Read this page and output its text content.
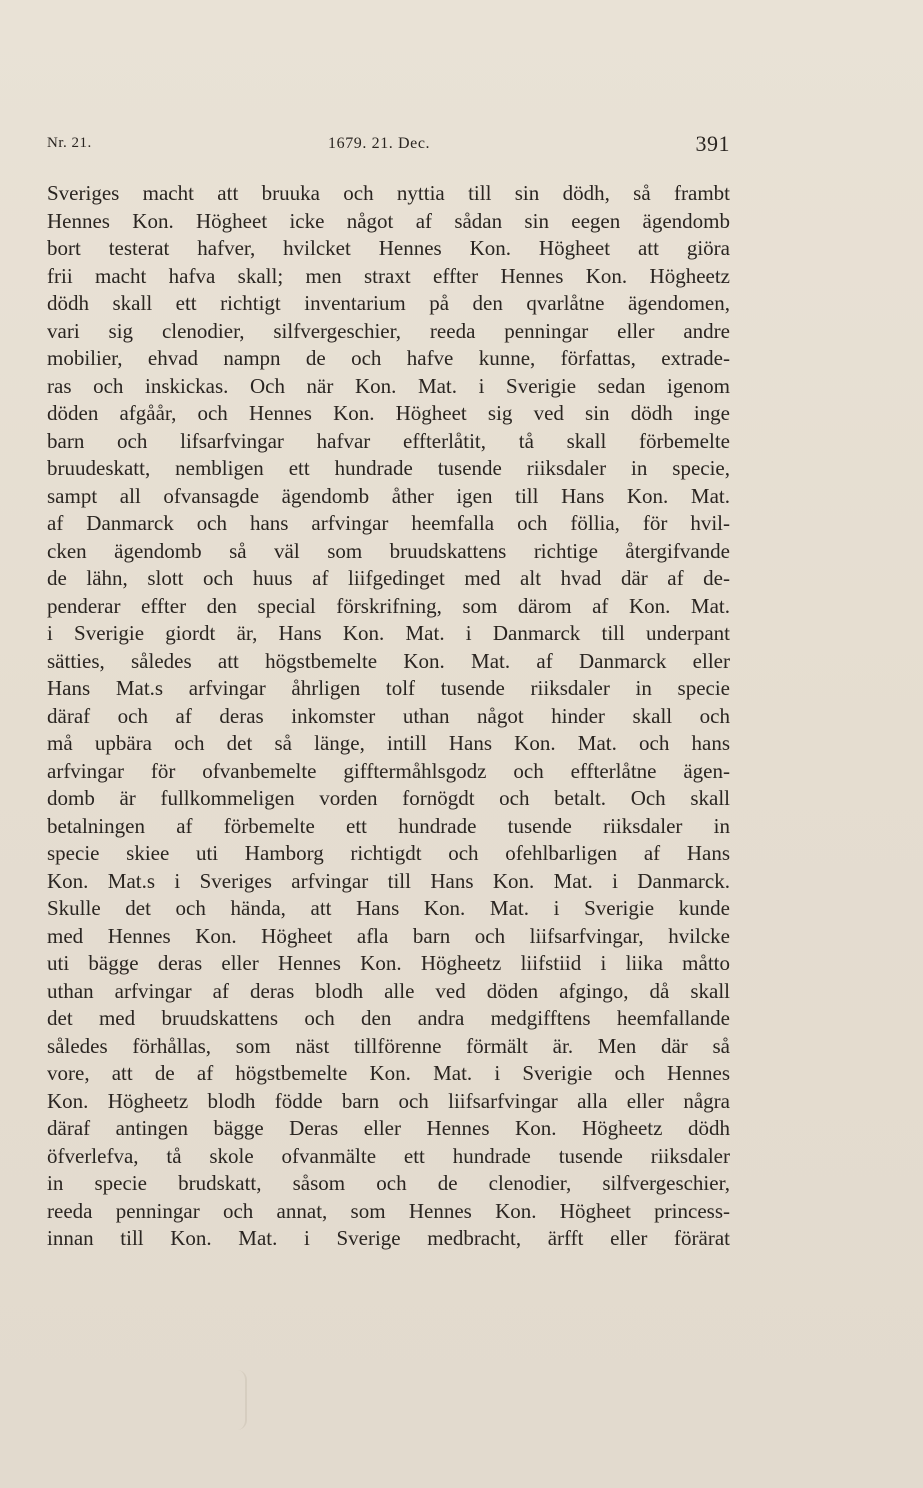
Nr. 21.	1679. 21. Dec.	391
Sveriges macht att bruuka och nyttia till sin dödh, så frambt
Hennes Kon. Högheet icke något af sådan sin eegen ägendomb
bort testerat hafver, hvilcket Hennes Kon. Högheet att giöra
frii macht hafva skall; men straxt effter Hennes Kon. Högheetz
dödh skall ett richtigt inventarium på den qvarlåtne ägendomen,
vari sig clenodier, silfvergeschier, reeda penningar eller andre
mobilier, ehvad nampn de och hafve kunne, författas, extrade-
ras och inskickas. Och när Kon. Mat. i Sverigie sedan igenom
döden afgåår, och Hennes Kon. Högheet sig ved sin dödh inge
barn och lifsarfvingar hafvar effterlåtit, tå skall förbemelte
bruudeskatt, nembligen ett hundrade tusende riiksdaler in specie,
sampt all ofvansagde ägendomb åther igen till Hans Kon. Mat.
af Danmarck och hans arfvingar heemfalla och föllia, för hvil-
cken ägendomb så väl som bruudskattens richtige återgifvande
de lähn, slott och huus af liifgedinget med alt hvad där af de-
penderar effter den special förskrifning, som därom af Kon. Mat.
i Sverigie giordt är, Hans Kon. Mat. i Danmarck till underpant
sätties, således att högstbemelte Kon. Mat. af Danmarck eller
Hans Mat.s arfvingar åhrligen tolf tusende riiksdaler in specie
däraf och af deras inkomster uthan något hinder skall och
må upbära och det så länge, intill Hans Kon. Mat. och hans
arfvingar för ofvanbemelte gifftermåhlsgodz och effterlåtne ägen-
domb är fullkommeligen vorden fornögdt och betalt. Och skall
betalningen af förbemelte ett hundrade tusende riiksdaler in
specie skiee uti Hamborg richtigdt och ofehlbarligen af Hans
Kon. Mat.s i Sveriges arfvingar till Hans Kon. Mat. i Danmarck.
Skulle det och hända, att Hans Kon. Mat. i Sverigie kunde
med Hennes Kon. Högheet afla barn och liifsarfvingar, hvilcke
uti bägge deras eller Hennes Kon. Högheetz liifstiid i liika måtto
uthan arfvingar af deras blodh alle ved döden afgingo, då skall
det med bruudskattens och den andra medgifftens heemfallande
således förhållas, som näst tillförenne förmält är. Men där så
vore, att de af högstbemelte Kon. Mat. i Sverigie och Hennes
Kon. Högheetz blodh födde barn och liifsarfvingar alla eller några
däraf antingen bägge Deras eller Hennes Kon. Högheetz dödh
öfverlefva, tå skole ofvanmälte ett hundrade tusende riiksdaler
in specie brudskatt, såsom och de clenodier, silfvergeschier,
reeda penningar och annat, som Hennes Kon. Högheet princess-
innan till Kon. Mat. i Sverige medbracht, ärfft eller förärat
